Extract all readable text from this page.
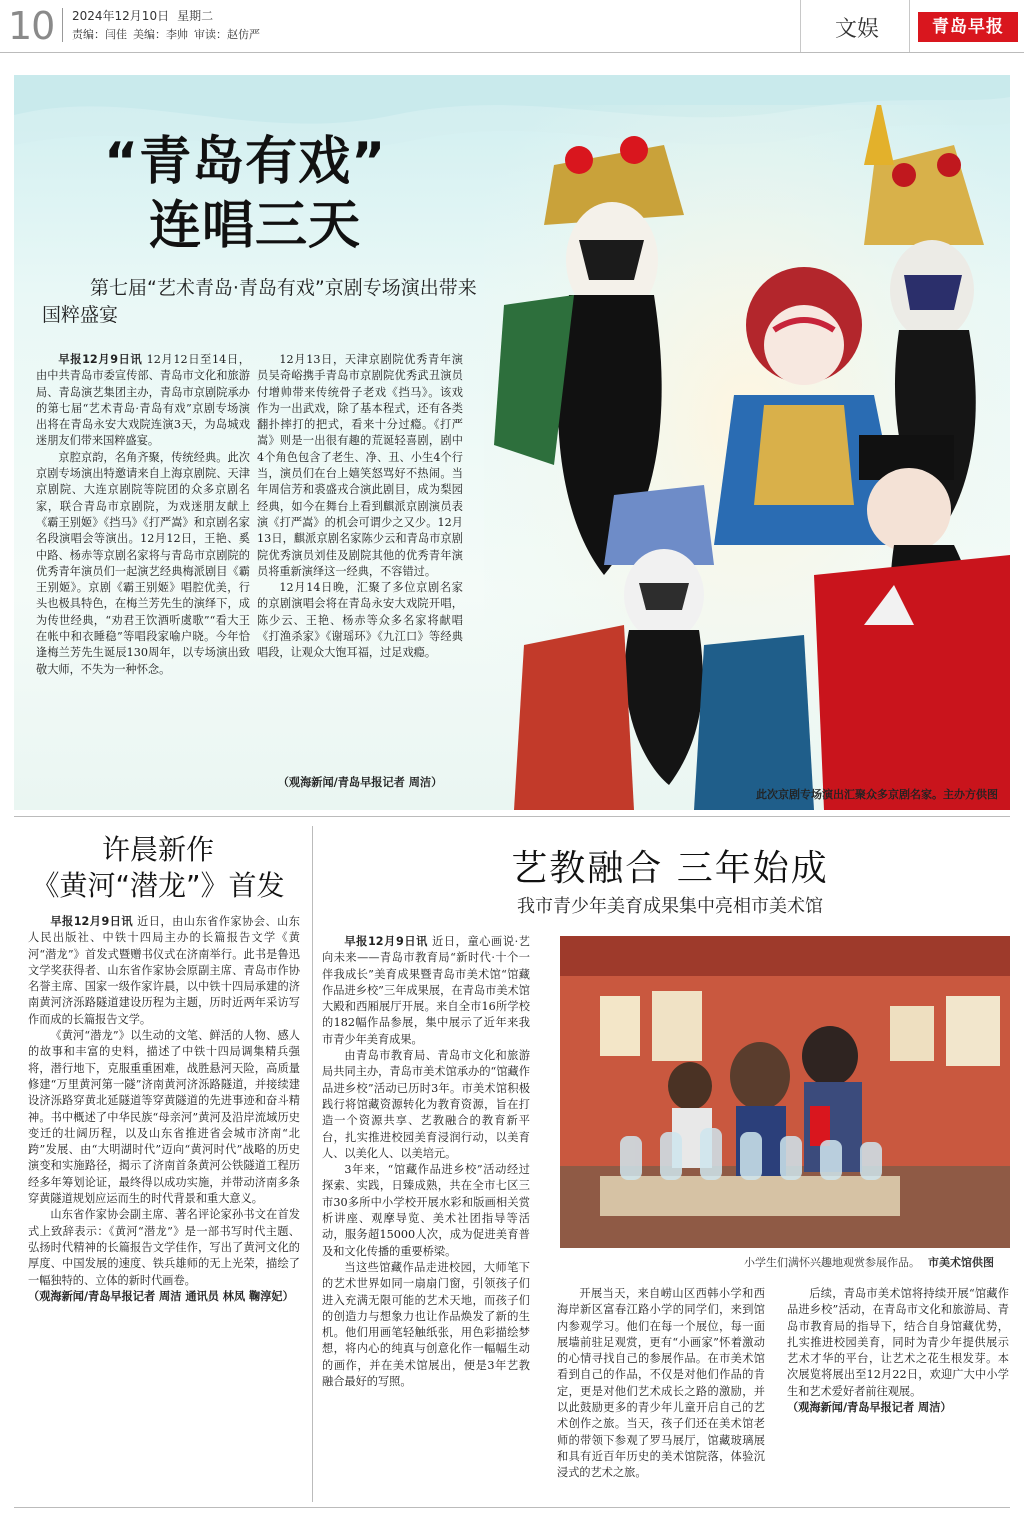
10 2024年12月10日 星期二
责编：闫佳 美编：李帅 审读：赵仿严	文娱	青岛早报
“青岛有戏”
连唱三天
第七届“艺术青岛·青岛有戏”京剧专场演出带来国粹盛宴

早报12月9日讯 12月12日至14日，由中共青岛市委宣传部、青岛市文化和旅游局、青岛演艺集团主办，青岛市京剧院承办的第七届“艺术青岛·青岛有戏”京剧专场演出将在青岛永安大戏院连演3天，为岛城戏迷朋友们带来国粹盛宴。

京腔京韵，名角齐聚，传统经典。此次京剧专场演出特邀请来自上海京剧院、天津京剧院、大连京剧院等院团的众多京剧名家，联合青岛市京剧院，为戏迷朋友献上《霸王别姬》《挡马》《打严嵩》和京剧名家名段演唱会等演出。12月12日，王艳、奚中路、杨赤等京剧名家将与青岛市京剧院的优秀青年演员们一起演艺经典梅派剧目《霸王别姬》。京剧《霸王别姬》唱腔优美，行头也极具特色，在梅兰芳先生的演绎下，成为传世经典，“劝君王饮酒听虞歌”“看大王在帐中和衣睡稳”等唱段家喻户晓。今年恰逢梅兰芳先生诞辰130周年，以专场演出致敬大师，不失为一种怀念。

12月13日，天津京剧院优秀青年演员吴奇峪携手青岛市京剧院优秀武丑演员付增帅带来传统骨子老戏《挡马》。该戏作为一出武戏，除了基本程式，还有各类翻扑摔打的把式，看来十分过瘾。《打严嵩》则是一出很有趣的荒诞轻喜剧，剧中4个角色包含了老生、净、丑、小生4个行当，演员们在台上嬉笑怒骂好不热闹。当年周信芳和裘盛戎合演此剧目，成为梨园经典，如今在舞台上看到麒派京剧演员表演《打严嵩》的机会可谓少之又少。12月13日，麒派京剧名家陈少云和青岛市京剧院优秀演员刘佳及剧院其他的优秀青年演员将重新演绎这一经典，不容错过。

12月14日晚，汇聚了多位京剧名家的京剧演唱会将在青岛永安大戏院开唱，陈少云、王艳、杨赤等众多名家将献唱《打渔杀家》《谢瑶环》《九江口》等经典唱段，让观众大饱耳福，过足戏瘾。

（观海新闻/青岛早报记者 周洁）

此次京剧专场演出汇聚众多京剧名家。主办方供图
许晨新作
《黄河“潜龙”》首发

早报12月9日讯 近日，由山东省作家协会、山东人民出版社、中铁十四局主办的长篇报告文学《黄河“潜龙”》首发式暨赠书仪式在济南举行。此书是鲁迅文学奖获得者、山东省作家协会原副主席、青岛市作协名誉主席、国家一级作家许晨，以中铁十四局承建的济南黄河济泺路隧道建设历程为主题，历时近两年采访写作而成的长篇报告文学。

《黄河“潜龙”》以生动的文笔、鲜活的人物、感人的故事和丰富的史料，描述了中铁十四局调集精兵强将，潜行地下，克服重重困难，战胜悬河天险，高质量修建“万里黄河第一隧”济南黄河济泺路隧道，并接续建设济泺路穿黄北延隧道等穿黄隧道的先进事迹和奋斗精神。书中概述了中华民族“母亲河”黄河及沿岸流域历史变迁的壮阔历程，以及山东省推进省会城市济南“北跨”发展、由“大明湖时代”迈向“黄河时代”战略的历史演变和实施路径，揭示了济南首条黄河公铁隧道工程历经多年筹划论证，最终得以成功实施，并带动济南多条穿黄隧道规划应运而生的时代背景和重大意义。

山东省作家协会副主席、著名评论家孙书文在首发式上致辞表示：《黄河“潜龙”》是一部书写时代主题、弘扬时代精神的长篇报告文学佳作，写出了黄河文化的厚度、中国发展的速度、铁兵雄师的无上光荣，描绘了一幅独特的、立体的新时代画卷。

（观海新闻/青岛早报记者 周洁 通讯员 林凤 鞠淳妃）

艺教融合 三年始成
我市青少年美育成果集中亮相市美术馆

早报12月9日讯 近日，童心画说·艺向未来——青岛市教育局“新时代·十个一伴我成长”美育成果暨青岛市美术馆“馆藏作品进乡校”三年成果展，在青岛市美术馆大殿和西厢展厅开展。来自全市16所学校的182幅作品参展，集中展示了近年来我市青少年美育成果。

由青岛市教育局、青岛市文化和旅游局共同主办，青岛市美术馆承办的“馆藏作品进乡校”活动已历时3年。市美术馆积极践行将馆藏资源转化为教育资源，旨在打造一个资源共享、艺教融合的教育新平台，扎实推进校园美育浸润行动，以美育人、以美化人、以美培元。

3年来，“馆藏作品进乡校”活动经过探索、实践，日臻成熟，共在全市七区三市30多所中小学校开展水彩和版画相关赏析讲座、观摩导览、美术社团指导等活动，服务超15000人次，成为促进美育普及和文化传播的重要桥梁。

当这些馆藏作品走进校园，大师笔下的艺术世界如同一扇扇门窗，引领孩子们进入充满无限可能的艺术天地，而孩子们的创造力与想象力也让作品焕发了新的生机。他们用画笔轻触纸张，用色彩描绘梦想，将内心的纯真与创意化作一幅幅生动的画作，并在美术馆展出，便是3年艺教融合最好的写照。

小学生们满怀兴趣地观赏参展作品。 市美术馆供图

开展当天，来自崂山区西韩小学和西海岸新区富春江路小学的同学们，来到馆内参观学习。他们在每一个展位，每一面展墙前驻足观赏，更有“小画家”怀着激动的心情寻找自己的参展作品。在市美术馆看到自己的作品，不仅是对他们作品的肯定，更是对他们艺术成长之路的激励，并以此鼓励更多的青少年儿童开启自己的艺术创作之旅。当天，孩子们还在美术馆老师的带领下参观了罗马展厅，馆藏玻璃展和具有近百年历史的美术馆院落，体验沉浸式的艺术之旅。

后续，青岛市美术馆将持续开展“馆藏作品进乡校”活动，在青岛市文化和旅游局、青岛市教育局的指导下，结合自身馆藏优势，扎实推进校园美育，同时为青少年提供展示艺术才华的平台，让艺术之花生根发芽。本次展览将展出至12月22日，欢迎广大中小学生和艺术爱好者前往观展。

（观海新闻/青岛早报记者 周洁）
